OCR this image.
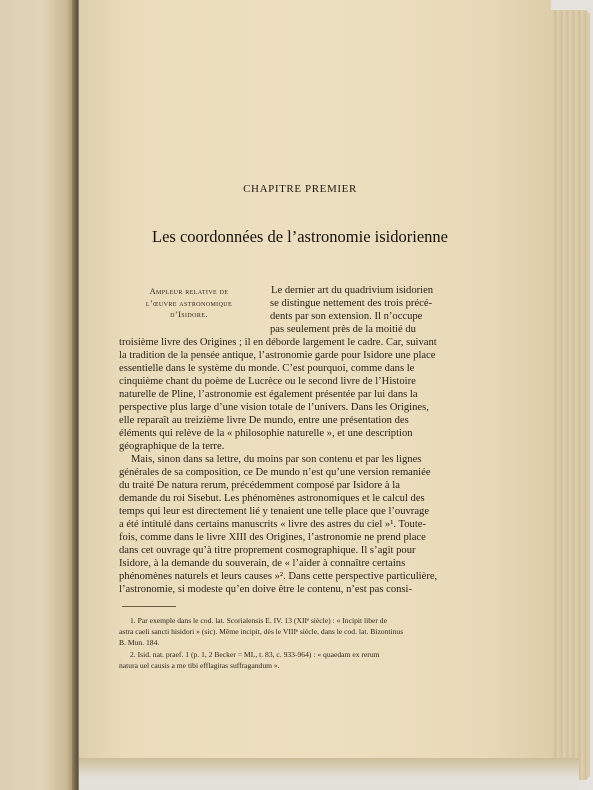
CHAPITRE PREMIER
Les coordonnées de l’astronomie isidorienne
Ampleur relative de
l’œuvre astronomique
d’Isidore.
Le dernier art du quadrivium isidorien
se distingue nettement des trois précé-
dents par son extension. Il n’occupe
pas seulement près de la moitié du
troisième livre des Origines ; il en déborde largement le cadre. Car, suivant
la tradition de la pensée antique, l’astronomie garde pour Isidore une place
essentielle dans le système du monde. C’est pourquoi, comme dans le
cinquième chant du poème de Lucrèce ou le second livre de l’Histoire
naturelle de Pline, l’astronomie est également présentée par lui dans la
perspective plus large d’une vision totale de l’univers. Dans les Origines,
elle reparaît au treizième livre De mundo, entre une présentation des
éléments qui relève de la « philosophie naturelle », et une description
géographique de la terre.
Mais, sinon dans sa lettre, du moins par son contenu et par les lignes
générales de sa composition, ce De mundo n’est qu’une version remaniée
du traité De natura rerum, précédemment composé par Isidore à la
demande du roi Sisebut. Les phénomènes astronomiques et le calcul des
temps qui leur est directement lié y tenaient une telle place que l’ouvrage
a été intitulé dans certains manuscrits « livre des astres du ciel »¹. Toute-
fois, comme dans le livre XIII des Origines, l’astronomie ne prend place
dans cet ouvrage qu’à titre proprement cosmographique. Il s’agit pour
Isidore, à la demande du souverain, de « l’aider à connaître certains
phénomènes naturels et leurs causes »². Dans cette perspective particulière,
l’astronomie, si modeste qu’en doive être le contenu, n’est pas consi-
1. Par exemple dans le cod. lat. Scorialensis E. IV. 13 (XIIᵉ siècle) : « Incipit liber de
astra caeli sancti hisidori » (sic). Même incipit, dès le VIIIᵉ siècle, dans le cod. lat. Bizontinus
B. Mun. 184.
2. Isid. nat. praef. 1 (p. 1, 2 Becker = ML, t. 83, c. 933-964) : « quaedam ex rerum
natura uel causis a me tibi efflagitas suffragandum ».
